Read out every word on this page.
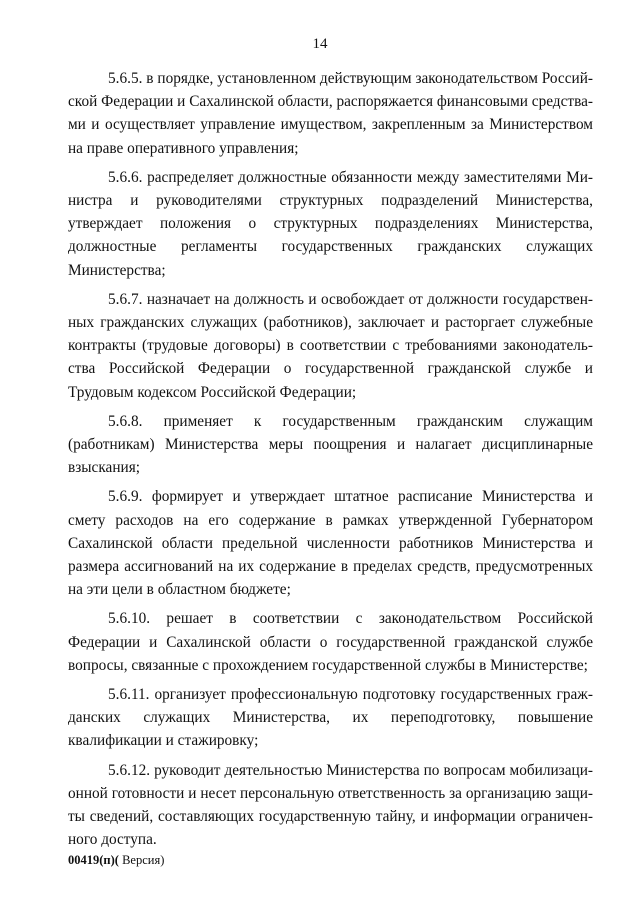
14

5.6.5. в порядке, установленном действующим законодательством Российской Федерации и Сахалинской области, распоряжается финансовыми средствами и осуществляет управление имуществом, закрепленным за Министерством на праве оперативного управления;

5.6.6. распределяет должностные обязанности между заместителями Министра и руководителями структурных подразделений Министерства, утверждает положения о структурных подразделениях Министерства, должностные регламенты государственных гражданских служащих Министерства;

5.6.7. назначает на должность и освобождает от должности государственных гражданских служащих (работников), заключает и расторгает служебные контракты (трудовые договоры) в соответствии с требованиями законодательства Российской Федерации о государственной гражданской службе и Трудовым кодексом Российской Федерации;

5.6.8. применяет к государственным гражданским служащим (работникам) Министерства меры поощрения и налагает дисциплинарные взыскания;

5.6.9. формирует и утверждает штатное расписание Министерства и смету расходов на его содержание в рамках утвержденной Губернатором Сахалинской области предельной численности работников Министерства и размера ассигнований на их содержание в пределах средств, предусмотренных на эти цели в областном бюджете;

5.6.10. решает в соответствии с законодательством Российской Федерации и Сахалинской области о государственной гражданской службе вопросы, связанные с прохождением государственной службы в Министерстве;

5.6.11. организует профессиональную подготовку государственных гражданских служащих Министерства, их переподготовку, повышение квалификации и стажировку;

5.6.12. руководит деятельностью Министерства по вопросам мобилизационной готовности и несет персональную ответственность за организацию защиты сведений, составляющих государственную тайну, и информации ограниченного доступа.

00419(п)( Версия)
